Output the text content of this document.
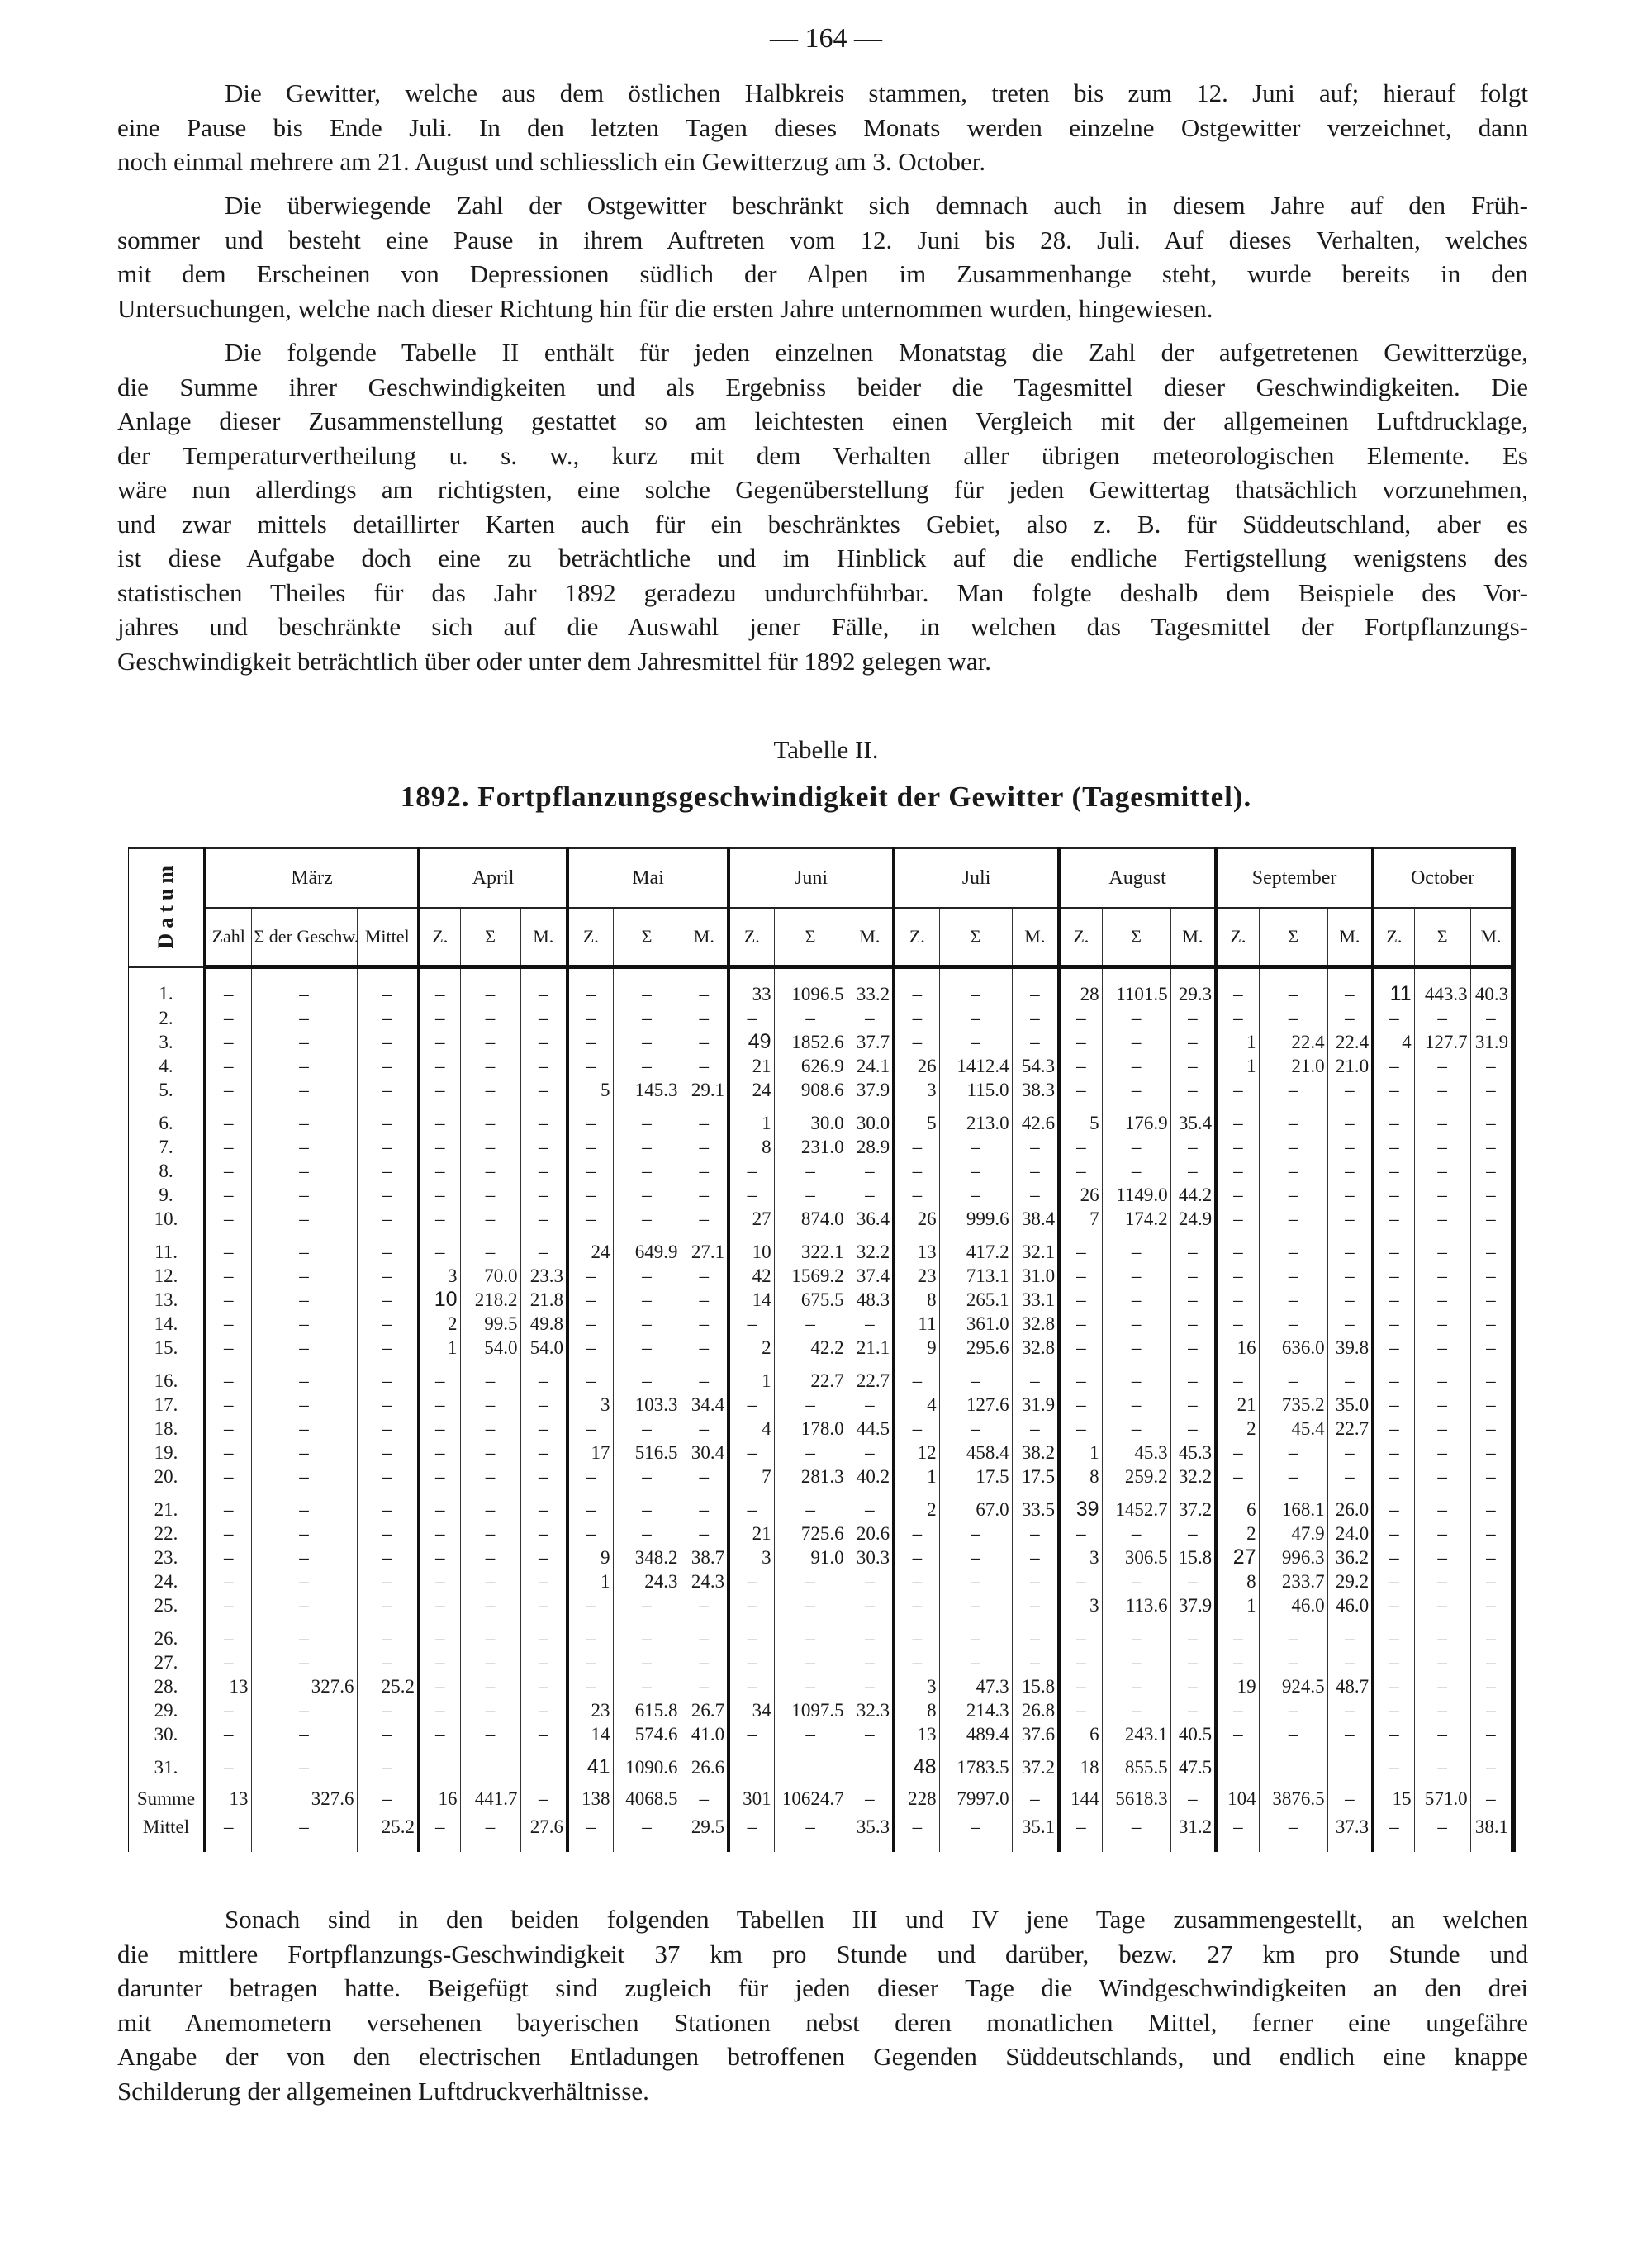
— 164 —
Die Gewitter, welche aus dem östlichen Halbkreis stammen, treten bis zum 12. Juni auf; hierauf folgt
eine Pause bis Ende Juli. In den letzten Tagen dieses Monats werden einzelne Ostgewitter verzeichnet, dann
noch einmal mehrere am 21. August und schliesslich ein Gewitterzug am 3. October.
Die überwiegende Zahl der Ostgewitter beschränkt sich demnach auch in diesem Jahre auf den Früh-
sommer und besteht eine Pause in ihrem Auftreten vom 12. Juni bis 28. Juli. Auf dieses Verhalten, welches
mit dem Erscheinen von Depressionen südlich der Alpen im Zusammenhange steht, wurde bereits in den
Untersuchungen, welche nach dieser Richtung hin für die ersten Jahre unternommen wurden, hingewiesen.
Die folgende Tabelle II enthält für jeden einzelnen Monatstag die Zahl der aufgetretenen Gewitterzüge,
die Summe ihrer Geschwindigkeiten und als Ergebniss beider die Tagesmittel dieser Geschwindigkeiten. Die
Anlage dieser Zusammenstellung gestattet so am leichtesten einen Vergleich mit der allgemeinen Luftdrucklage,
der Temperaturvertheilung u. s. w., kurz mit dem Verhalten aller übrigen meteorologischen Elemente. Es
wäre nun allerdings am richtigsten, eine solche Gegenüberstellung für jeden Gewittertag thatsächlich vorzunehmen,
und zwar mittels detaillirter Karten auch für ein beschränktes Gebiet, also z. B. für Süddeutschland, aber es
ist diese Aufgabe doch eine zu beträchtliche und im Hinblick auf die endliche Fertigstellung wenigstens des
statistischen Theiles für das Jahr 1892 geradezu undurchführbar. Man folgte deshalb dem Beispiele des Vor-
jahres und beschränkte sich auf die Auswahl jener Fälle, in welchen das Tagesmittel der Fortpflanzungs-
Geschwindigkeit beträchtlich über oder unter dem Jahresmittel für 1892 gelegen war.
Tabelle II.
1892. Fortpflanzungsgeschwindigkeit der Gewitter (Tagesmittel).
Datum	März			April			Mai			Juni			Juli			August			September			October		
	Zahl	Σ der Geschw.	Mittel	Z.	Σ	M.	Z.	Σ	M.	Z.	Σ	M.	Z.	Σ	M.	Z.	Σ	M.	Z.	Σ	M.	Z.	Σ	M.
1.	–	–	–	–	–	–	–	–	–	33	1096.5	33.2	–	–	–	28	1101.5	29.3	–	–	–	11	443.3	40.3
2.	–	–	–	–	–	–	–	–	–	–	–	–	–	–	–	–	–	–	–	–	–	–	–	–
3.	–	–	–	–	–	–	–	–	–	49	1852.6	37.7	–	–	–	–	–	–	1	22.4	22.4	4	127.7	31.9
4.	–	–	–	–	–	–	–	–	–	21	626.9	24.1	26	1412.4	54.3	–	–	–	1	21.0	21.0	–	–	–
5.	–	–	–	–	–	–	5	145.3	29.1	24	908.6	37.9	3	115.0	38.3	–	–	–	–	–	–	–	–	–
6.	–	–	–	–	–	–	–	–	–	1	30.0	30.0	5	213.0	42.6	5	176.9	35.4	–	–	–	–	–	–
7.	–	–	–	–	–	–	–	–	–	8	231.0	28.9	–	–	–	–	–	–	–	–	–	–	–	–
8.	–	–	–	–	–	–	–	–	–	–	–	–	–	–	–	–	–	–	–	–	–	–	–	–
9.	–	–	–	–	–	–	–	–	–	–	–	–	–	–	–	26	1149.0	44.2	–	–	–	–	–	–
10.	–	–	–	–	–	–	–	–	–	27	874.0	36.4	26	999.6	38.4	7	174.2	24.9	–	–	–	–	–	–
11.	–	–	–	–	–	–	24	649.9	27.1	10	322.1	32.2	13	417.2	32.1	–	–	–	–	–	–	–	–	–
12.	–	–	–	3	70.0	23.3	–	–	–	42	1569.2	37.4	23	713.1	31.0	–	–	–	–	–	–	–	–	–
13.	–	–	–	10	218.2	21.8	–	–	–	14	675.5	48.3	8	265.1	33.1	–	–	–	–	–	–	–	–	–
14.	–	–	–	2	99.5	49.8	–	–	–	–	–	–	11	361.0	32.8	–	–	–	–	–	–	–	–	–
15.	–	–	–	1	54.0	54.0	–	–	–	2	42.2	21.1	9	295.6	32.8	–	–	–	16	636.0	39.8	–	–	–
16.	–	–	–	–	–	–	–	–	–	1	22.7	22.7	–	–	–	–	–	–	–	–	–	–	–	–
17.	–	–	–	–	–	–	3	103.3	34.4	–	–	–	4	127.6	31.9	–	–	–	21	735.2	35.0	–	–	–
18.	–	–	–	–	–	–	–	–	–	4	178.0	44.5	–	–	–	–	–	–	2	45.4	22.7	–	–	–
19.	–	–	–	–	–	–	17	516.5	30.4	–	–	–	12	458.4	38.2	1	45.3	45.3	–	–	–	–	–	–
20.	–	–	–	–	–	–	–	–	–	7	281.3	40.2	1	17.5	17.5	8	259.2	32.2	–	–	–	–	–	–
21.	–	–	–	–	–	–	–	–	–	–	–	–	2	67.0	33.5	39	1452.7	37.2	6	168.1	26.0	–	–	–
22.	–	–	–	–	–	–	–	–	–	21	725.6	20.6	–	–	–	–	–	–	2	47.9	24.0	–	–	–
23.	–	–	–	–	–	–	9	348.2	38.7	3	91.0	30.3	–	–	–	3	306.5	15.8	27	996.3	36.2	–	–	–
24.	–	–	–	–	–	–	1	24.3	24.3	–	–	–	–	–	–	–	–	–	8	233.7	29.2	–	–	–
25.	–	–	–	–	–	–	–	–	–	–	–	–	–	–	–	3	113.6	37.9	1	46.0	46.0	–	–	–
26.	–	–	–	–	–	–	–	–	–	–	–	–	–	–	–	–	–	–	–	–	–	–	–	–
27.	–	–	–	–	–	–	–	–	–	–	–	–	–	–	–	–	–	–	–	–	–	–	–	–
28.	13	327.6	25.2	–	–	–	–	–	–	–	–	–	3	47.3	15.8	–	–	–	19	924.5	48.7	–	–	–
29.	–	–	–	–	–	–	23	615.8	26.7	34	1097.5	32.3	8	214.3	26.8	–	–	–	–	–	–	–	–	–
30.	–	–	–	–	–	–	14	574.6	41.0	–	–	–	13	489.4	37.6	6	243.1	40.5	–	–	–	–	–	–
31.	–	–	–				41	1090.6	26.6				48	1783.5	37.2	18	855.5	47.5				–	–	–
Summe	13	327.6	–	16	441.7	–	138	4068.5	–	301	10624.7	–	228	7997.0	–	144	5618.3	–	104	3876.5	–	15	571.0	–
Mittel	–	–	25.2	–	–	27.6	–	–	29.5	–	–	35.3	–	–	35.1	–	–	31.2	–	–	37.3	–	–	38.1
Sonach sind in den beiden folgenden Tabellen III und IV jene Tage zusammengestellt, an welchen
die mittlere Fortpflanzungs-Geschwindigkeit 37 km pro Stunde und darüber, bezw. 27 km pro Stunde und
darunter betragen hatte. Beigefügt sind zugleich für jeden dieser Tage die Windgeschwindigkeiten an den drei
mit Anemometern versehenen bayerischen Stationen nebst deren monatlichen Mittel, ferner eine ungefähre
Angabe der von den electrischen Entladungen betroffenen Gegenden Süddeutschlands, und endlich eine knappe
Schilderung der allgemeinen Luftdruckverhältnisse.
